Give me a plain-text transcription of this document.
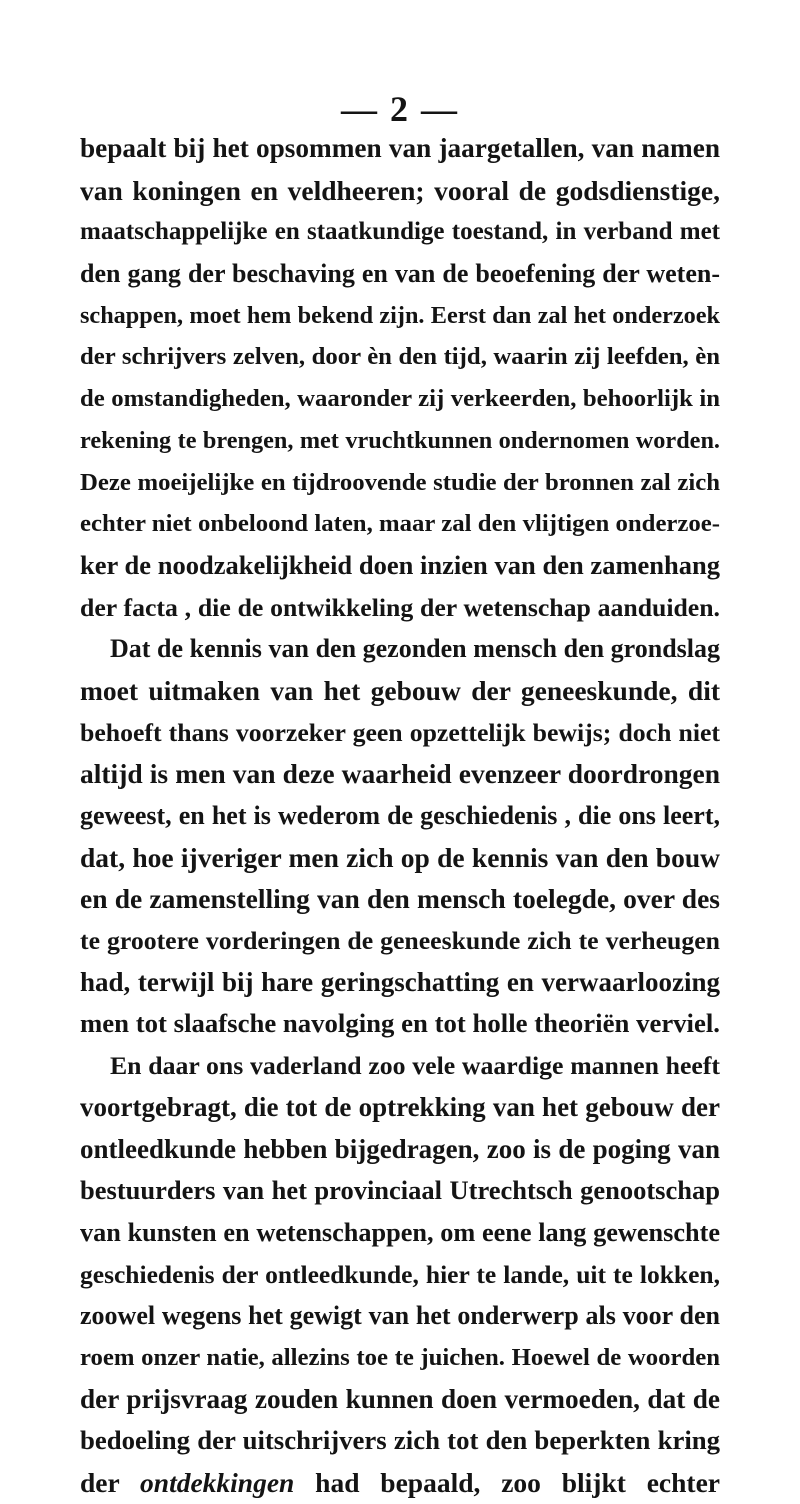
— 2 —
bepaalt bij het opsommen van jaargetallen, van namen
van koningen en veldheeren; vooral de godsdienstige,
maatschappelijke en staatkundige toestand, in verband met
den gang der beschaving en van de beoefening der weten-
schappen, moet hem bekend zijn. Eerst dan zal het onderzoek
der schrijvers zelven, door èn den tijd, waarin zij leefden, èn
de omstandigheden, waaronder zij verkeerden, behoorlijk in
rekening te brengen, met vruchtkunnen ondernomen worden.
Deze moeijelijke en tijdroovende studie der bronnen zal zich
echter niet onbeloond laten, maar zal den vlijtigen onderzoe-
ker de noodzakelijkheid doen inzien van den zamenhang
der facta , die de ontwikkeling der wetenschap aanduiden.
Dat de kennis van den gezonden mensch den grondslag
moet uitmaken van het gebouw der geneeskunde, dit
behoeft thans voorzeker geen opzettelijk bewijs; doch niet
altijd is men van deze waarheid evenzeer doordrongen
geweest, en het is wederom de geschiedenis , die ons leert,
dat, hoe ijveriger men zich op de kennis van den bouw
en de zamenstelling van den mensch toelegde, over des
te grootere vorderingen de geneeskunde zich te verheugen
had, terwijl bij hare geringschatting en verwaarloozing
men tot slaafsche navolging en tot holle theoriën verviel.
En daar ons vaderland zoo vele waardige mannen heeft
voortgebragt, die tot de optrekking van het gebouw der
ontleedkunde hebben bijgedragen, zoo is de poging van
bestuurders van het provinciaal Utrechtsch genootschap
van kunsten en wetenschappen, om eene lang gewenschte
geschiedenis der ontleedkunde, hier te lande, uit te lokken,
zoowel wegens het gewigt van het onderwerp als voor den
roem onzer natie, allezins toe te juichen. Hoewel de woorden
der prijsvraag zouden kunnen doen vermoeden, dat de
bedoeling der uitschrijvers zich tot den beperkten kring
der ontdekkingen had bepaald, zoo blijkt echter
